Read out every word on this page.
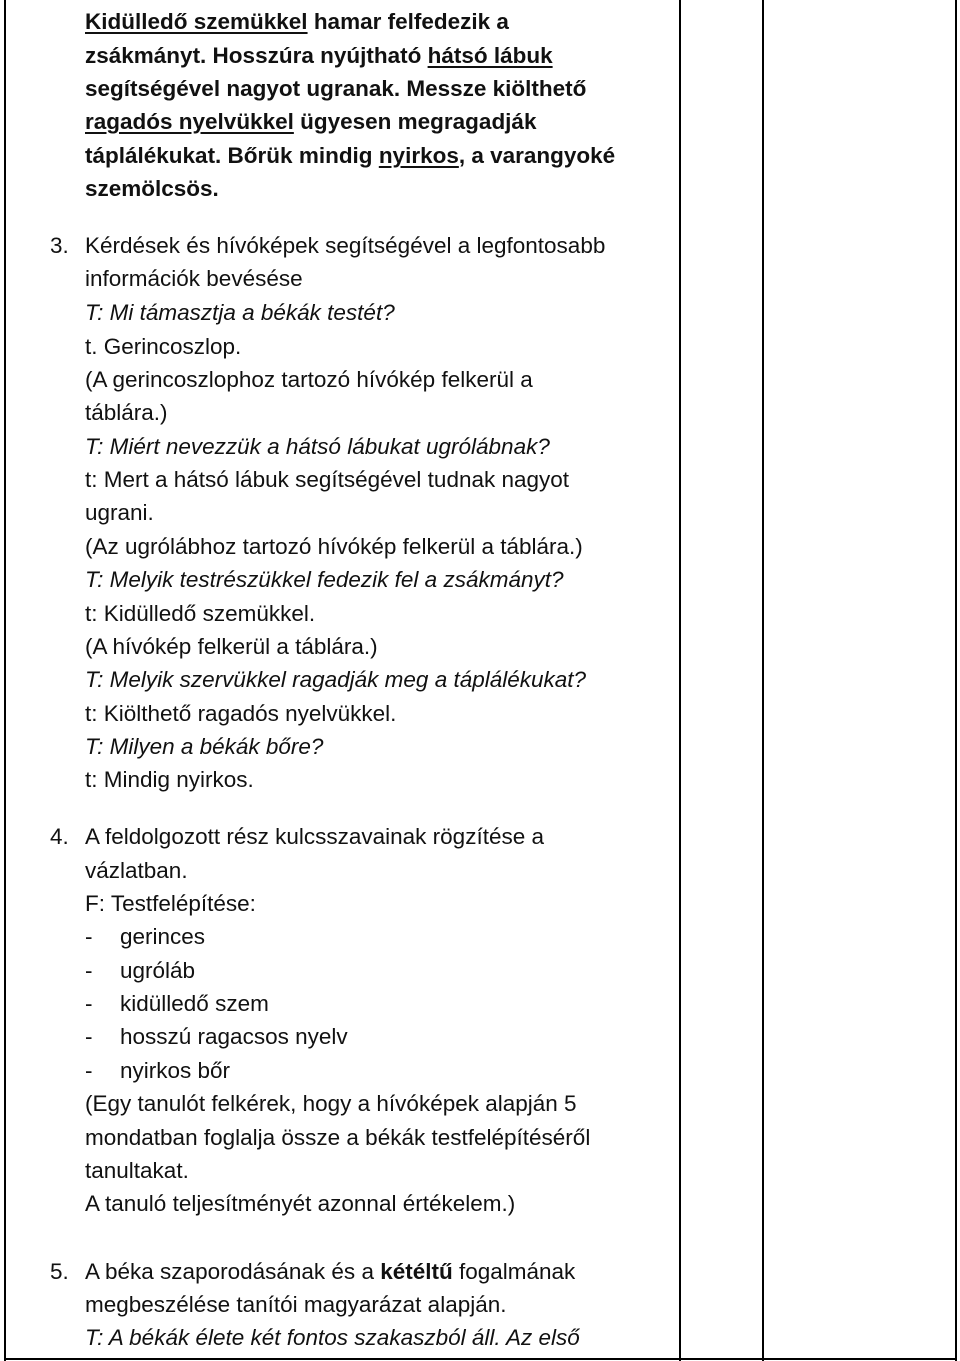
Kidülledő szemükkel hamar felfedezik a
zsákmányt. Hosszúra nyújtható hátsó lábuk
segítségével nagyot ugranak. Messze kiölthető
ragadós nyelvükkel ügyesen megragadják
táplálékukat. Bőrük mindig nyirkos, a varangyoké
szemölcsös.
3. Kérdések és hívóképek segítségével a legfontosabb
információk bevésése
T: Mi támasztja a békák testét?
t. Gerincoszlop.
(A gerincoszlophoz tartozó hívókép felkerül a
táblára.)
T: Miért nevezzük a hátsó lábukat ugrólábnak?
t: Mert a hátsó lábuk segítségével tudnak nagyot
ugrani.
(Az ugrólábhoz tartozó hívókép felkerül a táblára.)
T: Melyik testrészükkel fedezik fel a zsákmányt?
t: Kidülledő szemükkel.
(A hívókép felkerül a táblára.)
T: Melyik szervükkel ragadják meg a táplálékukat?
t: Kiölthető ragadós nyelvükkel.
T: Milyen a békák bőre?
t: Mindig nyirkos.
4. A feldolgozott rész kulcsszavainak rögzítése a
vázlatban.
F: Testfelépítése:
- gerinces
- ugróláb
- kidülledő szem
- hosszú ragacsos nyelv
- nyirkos bőr
(Egy tanulót felkérek, hogy a hívóképek alapján 5
mondatban foglalja össze a békák testfelépítéséről
tanultakat.
A tanuló teljesítményét azonnal értékelem.)
5. A béka szaporodásának és a kétéltű fogalmának
megbeszélése tanítói magyarázat alapján.
T: A békák élete két fontos szakaszból áll. Az első
